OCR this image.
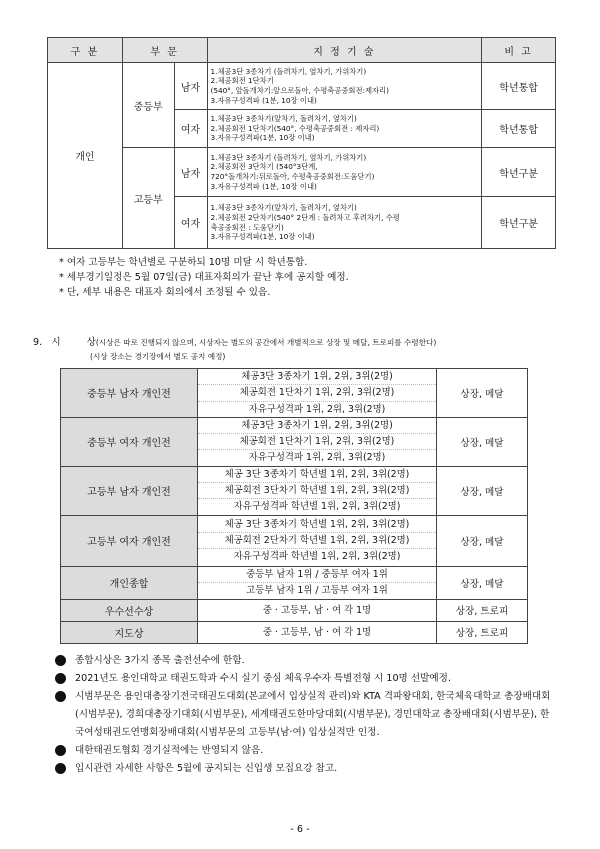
구 분	부 문		지 정 기 술	비 고
개인	중등부	남자	1.체공3단 3종차기 (돌려차기, 옆차기, 가위차기)
2.체공회전 1단차기
(540°, 앞돌개차기:앞으로돌아, 수평축공중회전:제자리)
3.자유구성격파 (1분, 10장 이내)	학년통합
		여자	1.체공3단 3종차기(앞차기, 돌려차기, 옆차기)
2.체공회전 1단차기(540°, 수평축공중회전 : 제자리)
3.자유구성격파(1분, 10장 이내)	학년통합
	고등부	남자	1.체공3단 3종차기 (돌려차기, 옆차기, 가위차기)
2.체공회전 3단차기 (540°3단계,
720°돌개차기:뒤로돌아, 수평축공중회전:도움닫기)
3.자유구성격파 (1분, 10장 이내)	학년구분
		여자	1.체공3단 3종차기(앞차기, 돌려차기, 옆차기)
2.체공회전 2단차기(540° 2단계 : 돌려차고 후려차기, 수평
축공중회전 : 도움닫기)
3.자유구성격파(1분, 10장 이내)	학년구분
* 여자 고등부는 학년별로 구분하되 10명 미달 시 학년통합.
* 세부경기일정은 5월 07일(금) 대표자회의가 끝난 후에 공지할 예정.
* 단, 세부 내용은 대표자 회의에서 조정될 수 있음.
9. 시	상(시상은 따로 진행되지 않으며, 시상자는 별도의 공간에서 개별적으로 상장 및 메달, 트로피를 수령한다)
(시상 장소는 경기장에서 별도 공지 예정)
중등부 남자 개인전	체공3단 3종차기 1위, 2위, 3위(2명)
체공회전 1단차기 1위, 2위, 3위(2명)
자유구성격파 1위, 2위, 3위(2명)	상장, 메달
중등부 여자 개인전	체공3단 3종차기 1위, 2위, 3위(2명)
체공회전 1단차기 1위, 2위, 3위(2명)
자유구성격파 1위, 2위, 3위(2명)	상장, 메달
고등부 남자 개인전	체공 3단 3종차기 학년별 1위, 2위, 3위(2명)
체공회전 3단차기 학년별 1위, 2위, 3위(2명)
자유구성격파 학년별 1위, 2위, 3위(2명)	상장, 메달
고등부 여자 개인전	체공 3단 3종차기 학년별 1위, 2위, 3위(2명)
체공회전 2단차기 학년별 1위, 2위, 3위(2명)
자유구성격파 학년별 1위, 2위, 3위(2명)	상장, 메달
개인종합	중등부 남자 1위 / 중등부 여자 1위
고등부 남자 1위 / 고등부 여자 1위	상장, 메달
우수선수상	중 · 고등부, 남 · 여 각 1명	상장, 트로피
지도상	중 · 고등부, 남 · 여 각 1명	상장, 트로피
종합시상은 3가지 종목 출전선수에 한함.
2021년도 용인대학교 태권도학과 수시 실기 중심 체육우수자 특별전형 시 10명 선발예정.
시범부문은 용인대총장기전국태권도대회(본교에서 입상실적 관리)와 KTA 격파왕대회, 한국체육대학교 총장배대회(시범부문), 경희대총장기대회(시범부문), 세계태권도한마당대회(시범부문), 경민대학교 총장배대회(시범부문), 한국여성태권도연맹회장배대회(시범부문의 고등부(남·여) 입상실적만 인정.
대한태권도협회 경기실적에는 반영되지 않음.
입시관련 자세한 사항은 5월에 공지되는 신입생 모집요강 참고.
- 6 -
